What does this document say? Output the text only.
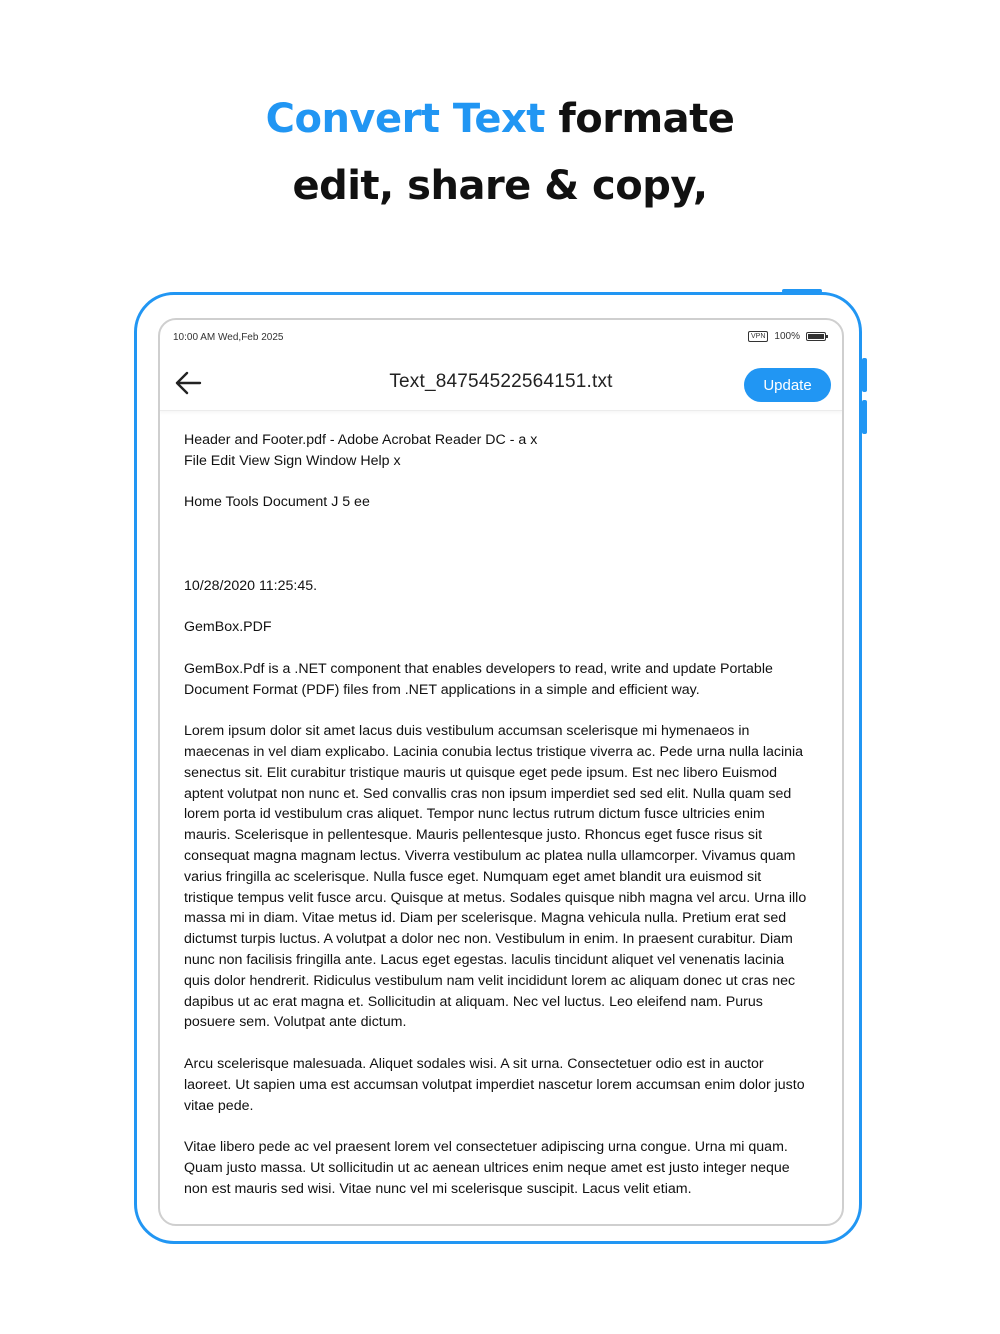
Convert Text formate
edit, share & copy,
10:00 AM Wed,Feb 2025	VPN 100%
Text_84754522564151.txt	Update
Header and Footer.pdf - Adobe Acrobat Reader DC - a x
File Edit View Sign Window Help x

Home Tools Document J 5 ee

10/28/2020 11:25:45.

GemBox.PDF

GemBox.Pdf is a .NET component that enables developers to read, write and update Portable Document Format (PDF) files from .NET applications in a simple and efficient way.

Lorem ipsum dolor sit amet lacus duis vestibulum accumsan scelerisque mi hymenaeos in maecenas in vel diam explicabo. Lacinia conubia lectus tristique viverra ac. Pede urna nulla lacinia senectus sit. Elit curabitur tristique mauris ut quisque eget pede ipsum. Est nec libero Euismod aptent volutpat non nunc et. Sed convallis cras non ipsum imperdiet sed sed elit. Nulla quam sed lorem porta id vestibulum cras aliquet. Tempor nunc lectus rutrum dictum fusce ultricies enim mauris. Scelerisque in pellentesque. Mauris pellentesque justo. Rhoncus eget fusce risus sit consequat magna magnam lectus. Viverra vestibulum ac platea nulla ullamcorper. Vivamus quam varius fringilla ac scelerisque. Nulla fusce eget. Numquam eget amet blandit ura euismod sit tristique tempus velit fusce arcu. Quisque at metus. Sodales quisque nibh magna vel arcu. Urna illo massa mi in diam. Vitae metus id. Diam per scelerisque. Magna vehicula nulla. Pretium erat sed dictumst turpis luctus. A volutpat a dolor nec non. Vestibulum in enim. In praesent curabitur. Diam nunc non facilisis fringilla ante. Lacus eget egestas. laculis tincidunt aliquet vel venenatis lacinia quis dolor hendrerit. Ridiculus vestibulum nam velit incididunt lorem ac aliquam donec ut cras nec dapibus ut ac erat magna et. Sollicitudin at aliquam. Nec vel luctus. Leo eleifend nam. Purus posuere sem. Volutpat ante dictum.

Arcu scelerisque malesuada. Aliquet sodales wisi. A sit urna. Consectetuer odio est in auctor laoreet. Ut sapien uma est accumsan volutpat imperdiet nascetur lorem accumsan enim dolor justo vitae pede.

Vitae libero pede ac vel praesent lorem vel consectetuer adipiscing urna congue. Urna mi quam. Quam justo massa. Ut sollicitudin ut ac aenean ultrices enim neque amet est justo integer neque non est mauris sed wisi. Vitae nunc vel mi scelerisque suscipit. Lacus velit etiam.
